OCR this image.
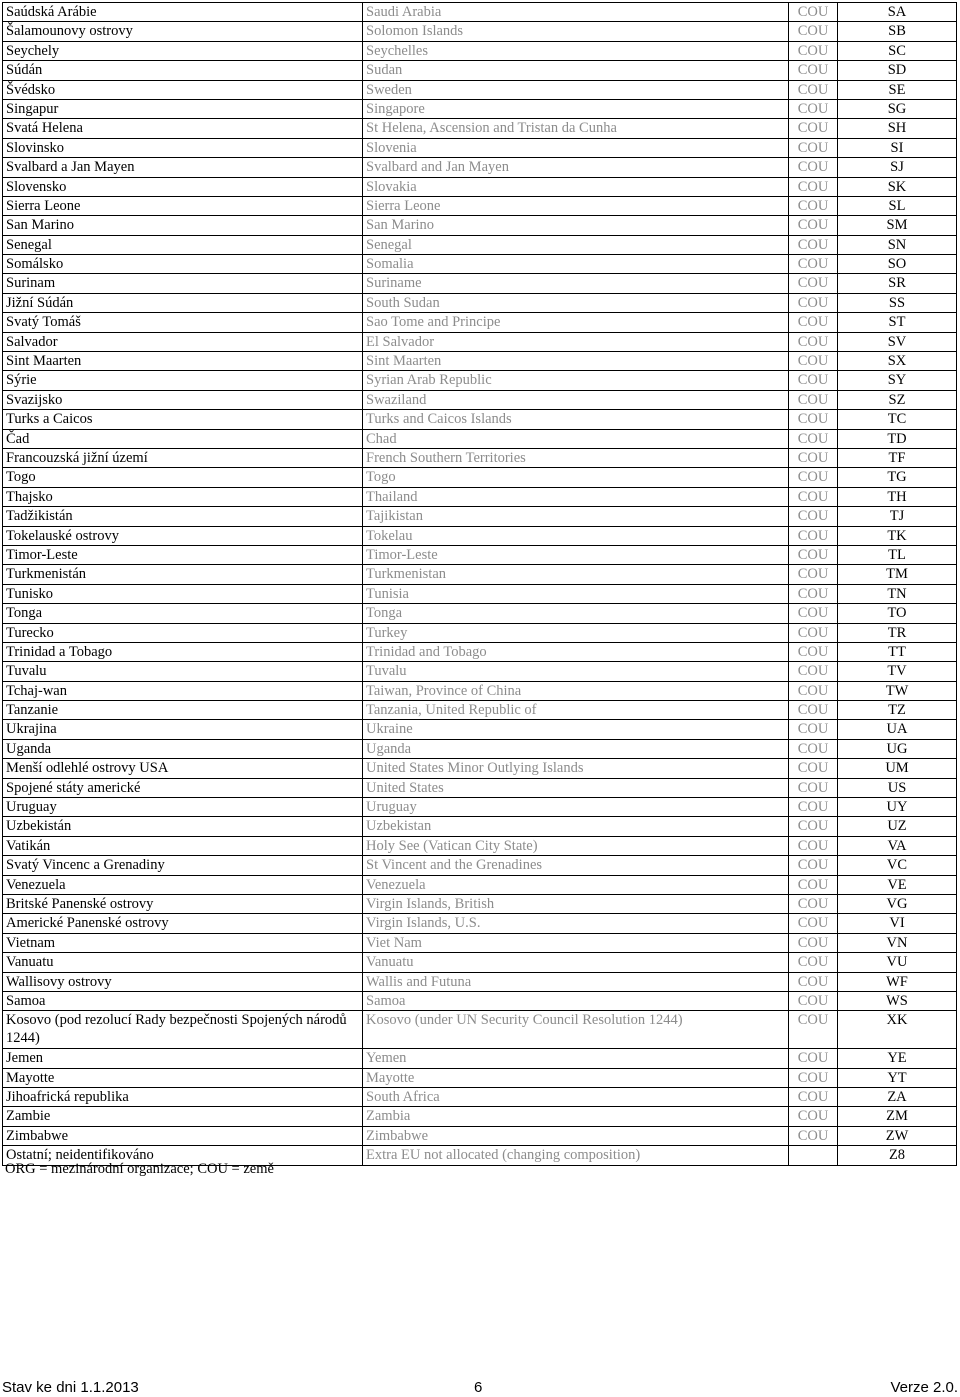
Saúdská Arábie	Saudi Arabia	COU	SA

Šalamounovy ostrovy	Solomon Islands	COU	SB

Seychely	Seychelles	COU	SC

Súdán	Sudan	COU	SD

Švédsko	Sweden	COU	SE

Singapur	Singapore	COU	SG

Svatá Helena	St Helena, Ascension and Tristan da Cunha	COU	SH

Slovinsko	Slovenia	COU	SI

Svalbard a Jan Mayen	Svalbard and Jan Mayen	COU	SJ

Slovensko	Slovakia	COU	SK

Sierra Leone	Sierra Leone	COU	SL

San Marino	San Marino	COU	SM

Senegal	Senegal	COU	SN

Somálsko	Somalia	COU	SO

Surinam	Suriname	COU	SR

Jižní Súdán	South Sudan	COU	SS

Svatý Tomáš	Sao Tome and Principe	COU	ST

Salvador	El Salvador	COU	SV

Sint Maarten	Sint Maarten	COU	SX

Sýrie	Syrian Arab Republic	COU	SY

Svazijsko	Swaziland	COU	SZ

Turks a Caicos	Turks and Caicos Islands	COU	TC

Čad	Chad	COU	TD

Francouzská jižní území	French Southern Territories	COU	TF

Togo	Togo	COU	TG

Thajsko	Thailand	COU	TH

Tadžikistán	Tajikistan	COU	TJ

Tokelauské ostrovy	Tokelau	COU	TK

Timor-Leste	Timor-Leste	COU	TL

Turkmenistán	Turkmenistan	COU	TM

Tunisko	Tunisia	COU	TN

Tonga	Tonga	COU	TO

Turecko	Turkey	COU	TR

Trinidad a Tobago	Trinidad and Tobago	COU	TT

Tuvalu	Tuvalu	COU	TV

Tchaj-wan	Taiwan, Province of China	COU	TW

Tanzanie	Tanzania, United Republic of	COU	TZ

Ukrajina	Ukraine	COU	UA

Uganda	Uganda	COU	UG

Menší odlehlé ostrovy USA	United States Minor Outlying Islands	COU	UM

Spojené státy americké	United States	COU	US

Uruguay	Uruguay	COU	UY

Uzbekistán	Uzbekistan	COU	UZ

Vatikán	Holy See (Vatican City State)	COU	VA

Svatý Vincenc a Grenadiny	St Vincent and the Grenadines	COU	VC

Venezuela	Venezuela	COU	VE

Britské Panenské ostrovy	Virgin Islands, British	COU	VG

Americké Panenské ostrovy	Virgin Islands, U.S.	COU	VI

Vietnam	Viet Nam	COU	VN

Vanuatu	Vanuatu	COU	VU

Wallisovy ostrovy	Wallis and Futuna	COU	WF

Samoa	Samoa	COU	WS

Kosovo (pod rezolucí Rady bezpečnosti Spojených národů 1244)	Kosovo (under UN Security Council Resolution 1244)	COU	XK

Jemen	Yemen	COU	YE

Mayotte	Mayotte	COU	YT

Jihoafrická republika	South Africa	COU	ZA

Zambie	Zambia	COU	ZM

Zimbabwe	Zimbabwe	COU	ZW

Ostatní; neidentifikováno	Extra EU not allocated (changing composition)		Z8
ORG = mezinárodní organizace; COU = země
Stav ke dni 1.1.2013	6	Verze 2.0.
